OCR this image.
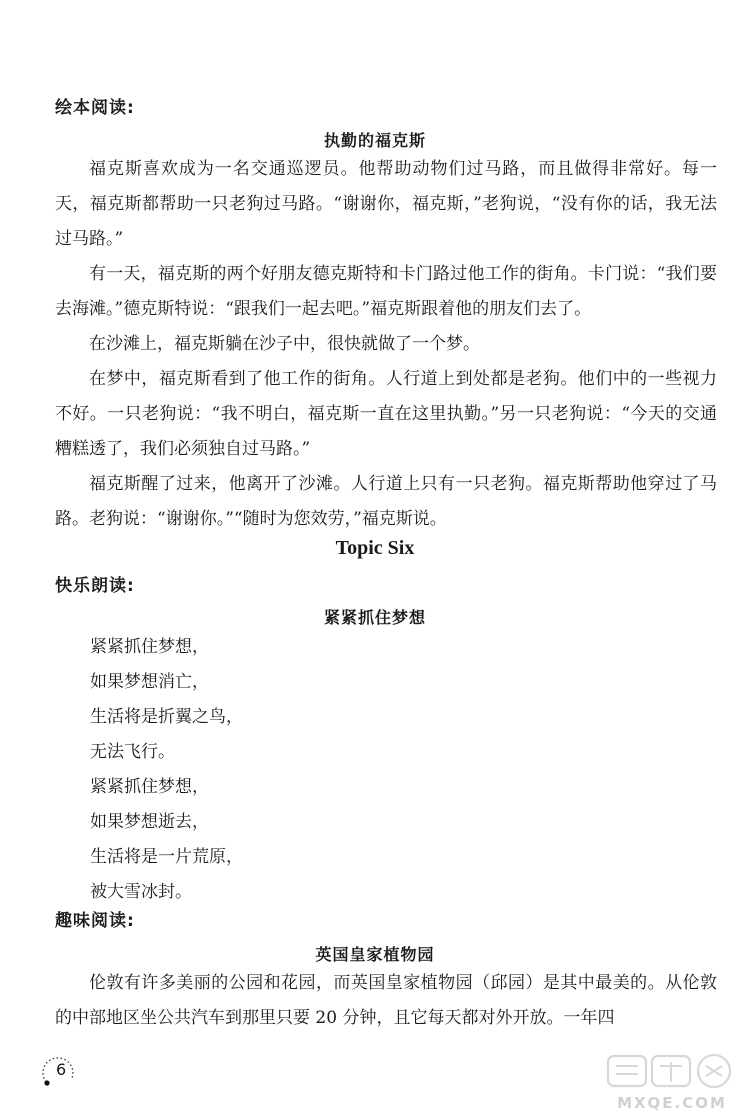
绘本阅读:
执勤的福克斯

福克斯喜欢成为一名交通巡逻员。他帮助动物们过马路，而且做得非常好。每一天，福克斯都帮助一只老狗过马路。“谢谢你，福克斯，”老狗说，“没有你的话，我无法过马路。”

有一天，福克斯的两个好朋友德克斯特和卡门路过他工作的街角。卡门说：“我们要去海滩。”德克斯特说：“跟我们一起去吧。”福克斯跟着他的朋友们去了。

在沙滩上，福克斯躺在沙子中，很快就做了一个梦。

在梦中，福克斯看到了他工作的街角。人行道上到处都是老狗。他们中的一些视力不好。一只老狗说：“我不明白，福克斯一直在这里执勤。”另一只老狗说：“今天的交通糟糕透了，我们必须独自过马路。”

福克斯醒了过来，他离开了沙滩。人行道上只有一只老狗。福克斯帮助他穿过了马路。老狗说：“谢谢你。”“随时为您效劳，”福克斯说。

Topic Six
快乐朗读:
紧紧抓住梦想
紧紧抓住梦想，
如果梦想消亡，
生活将是折翼之鸟，
无法飞行。
紧紧抓住梦想，
如果梦想逝去，
生活将是一片荒原，
被大雪冰封。
趣味阅读:
英国皇家植物园

伦敦有许多美丽的公园和花园，而英国皇家植物园（邱园）是其中最美的。从伦敦的中部地区坐公共汽车到那里只要 20 分钟，且它每天都对外开放。一年四

6
MXQE.COM
